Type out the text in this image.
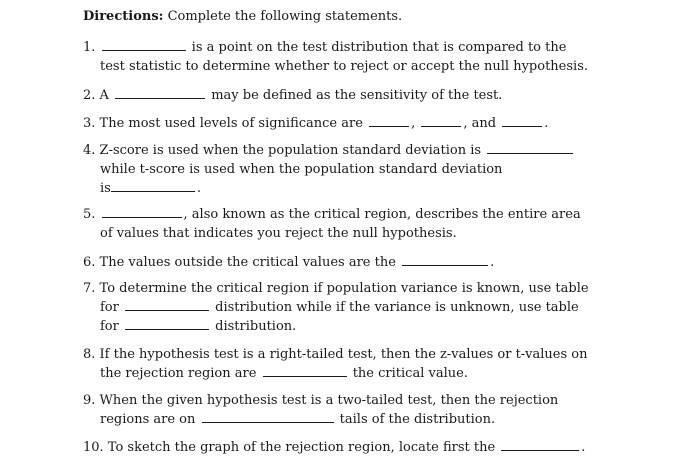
Directions: Complete the following statements.
1.	is a point on the test distribution that is compared to the
test statistic to determine whether to reject or accept the null hypothesis.
2. A	may be defined as the sensitivity of the test.
3. The most used levels of significance are	,	, and	.
4. Z-score is used when the population standard deviation is
while t-score is used when the population standard deviation
is	.
5.	, also known as the critical region, describes the entire area
of values that indicates you reject the null hypothesis.
6. The values outside the critical values are the	.
7. To determine the critical region if population variance is known, use table
for	distribution while if the variance is unknown, use table
for	distribution.
8. If the hypothesis test is a right-tailed test, then the z-values or t-values on
the rejection region are	the critical value.
9. When the given hypothesis test is a two-tailed test, then the rejection
regions are on	tails of the distribution.
10. To sketch the graph of the rejection region, locate first the	.
